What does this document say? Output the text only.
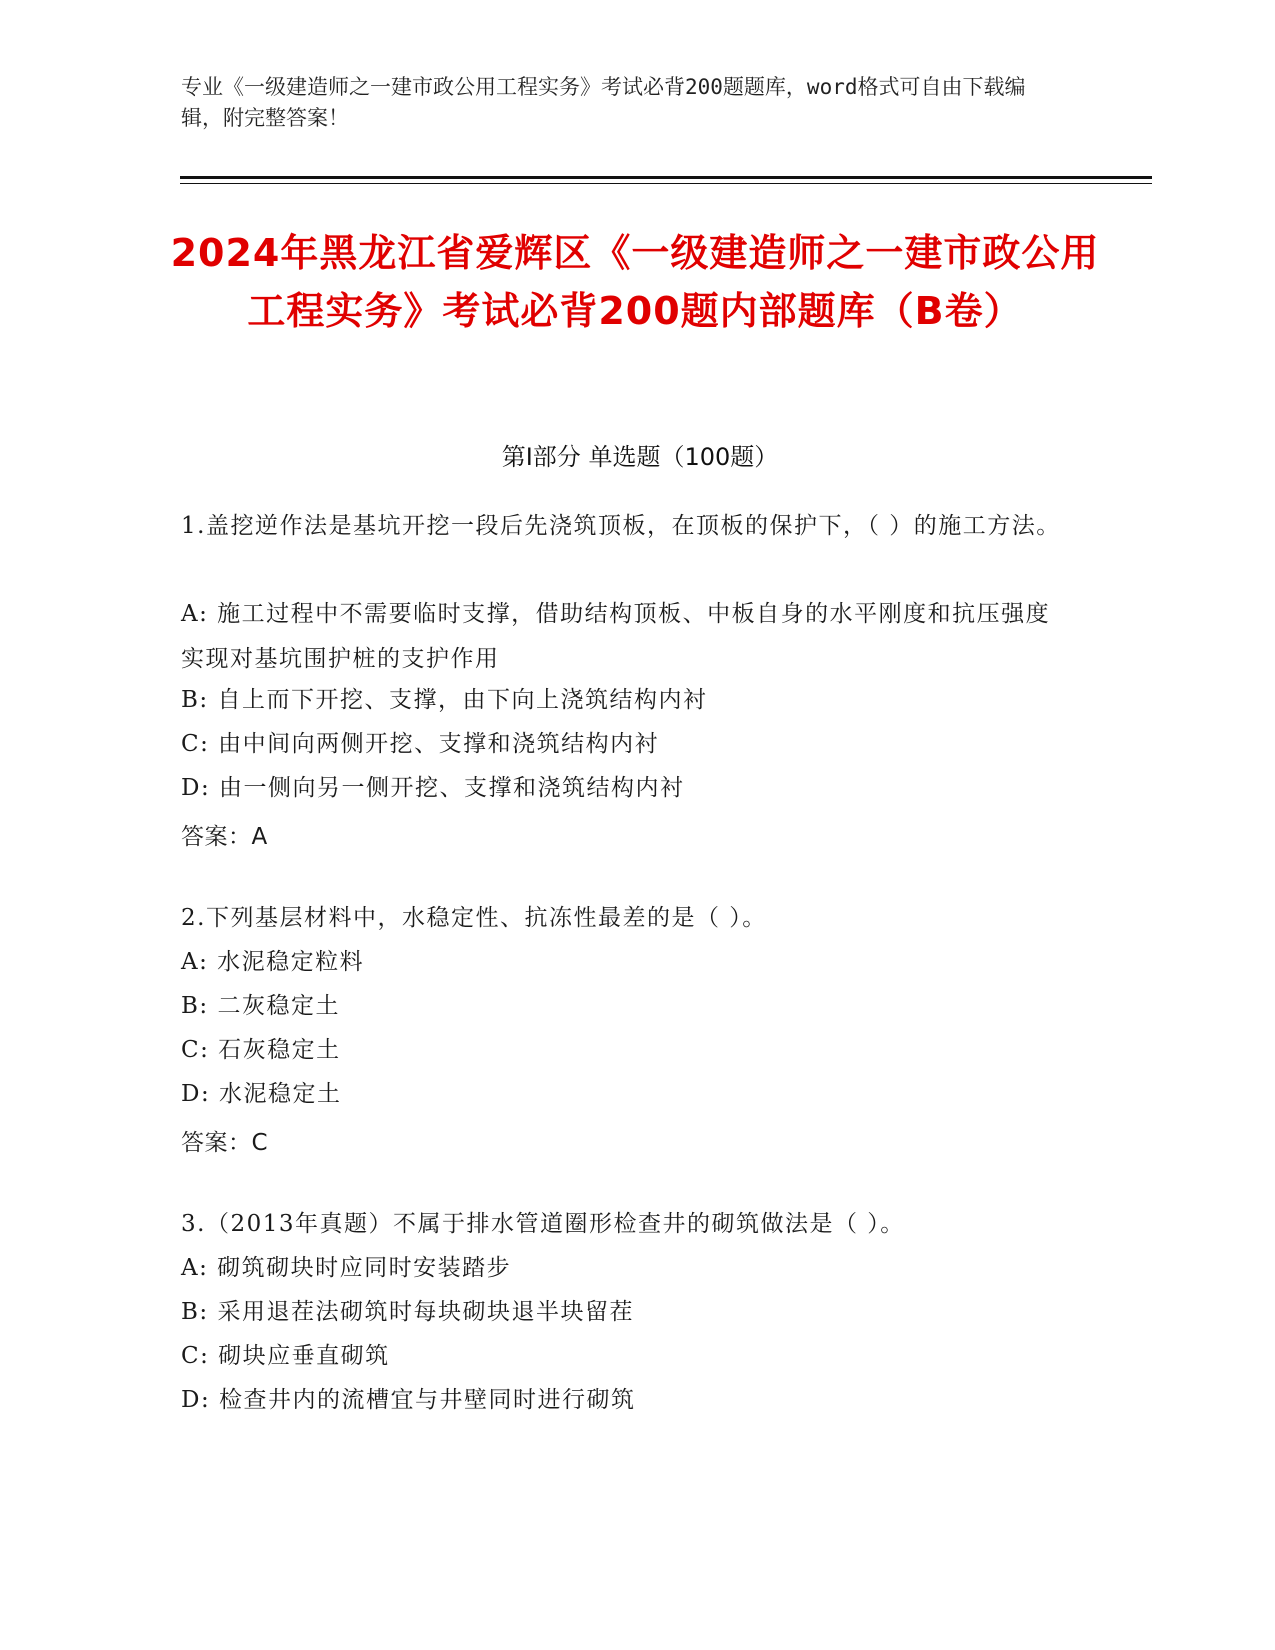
专业《一级建造师之一建市政公用工程实务》考试必背200题题库，word格式可自由下载编辑，附完整答案！
2024年黑龙江省爱辉区《一级建造师之一建市政公用工程实务》考试必背200题内部题库（B卷）
第Ⅰ部分 单选题（100题）
1.盖挖逆作法是基坑开挖一段后先浇筑顶板，在顶板的保护下，（ ）的施工方法。
A: 施工过程中不需要临时支撑，借助结构顶板、中板自身的水平刚度和抗压强度实现对基坑围护桩的支护作用
B: 自上而下开挖、支撑，由下向上浇筑结构内衬
C: 由中间向两侧开挖、支撑和浇筑结构内衬
D: 由一侧向另一侧开挖、支撑和浇筑结构内衬
答案：A
2.下列基层材料中，水稳定性、抗冻性最差的是（ ）。
A: 水泥稳定粒料
B: 二灰稳定土
C: 石灰稳定土
D: 水泥稳定土
答案：C
3.（2013年真题）不属于排水管道圈形检查井的砌筑做法是（ ）。
A: 砌筑砌块时应同时安装踏步
B: 采用退茬法砌筑时每块砌块退半块留茬
C: 砌块应垂直砌筑
D: 检查井内的流槽宜与井壁同时进行砌筑
